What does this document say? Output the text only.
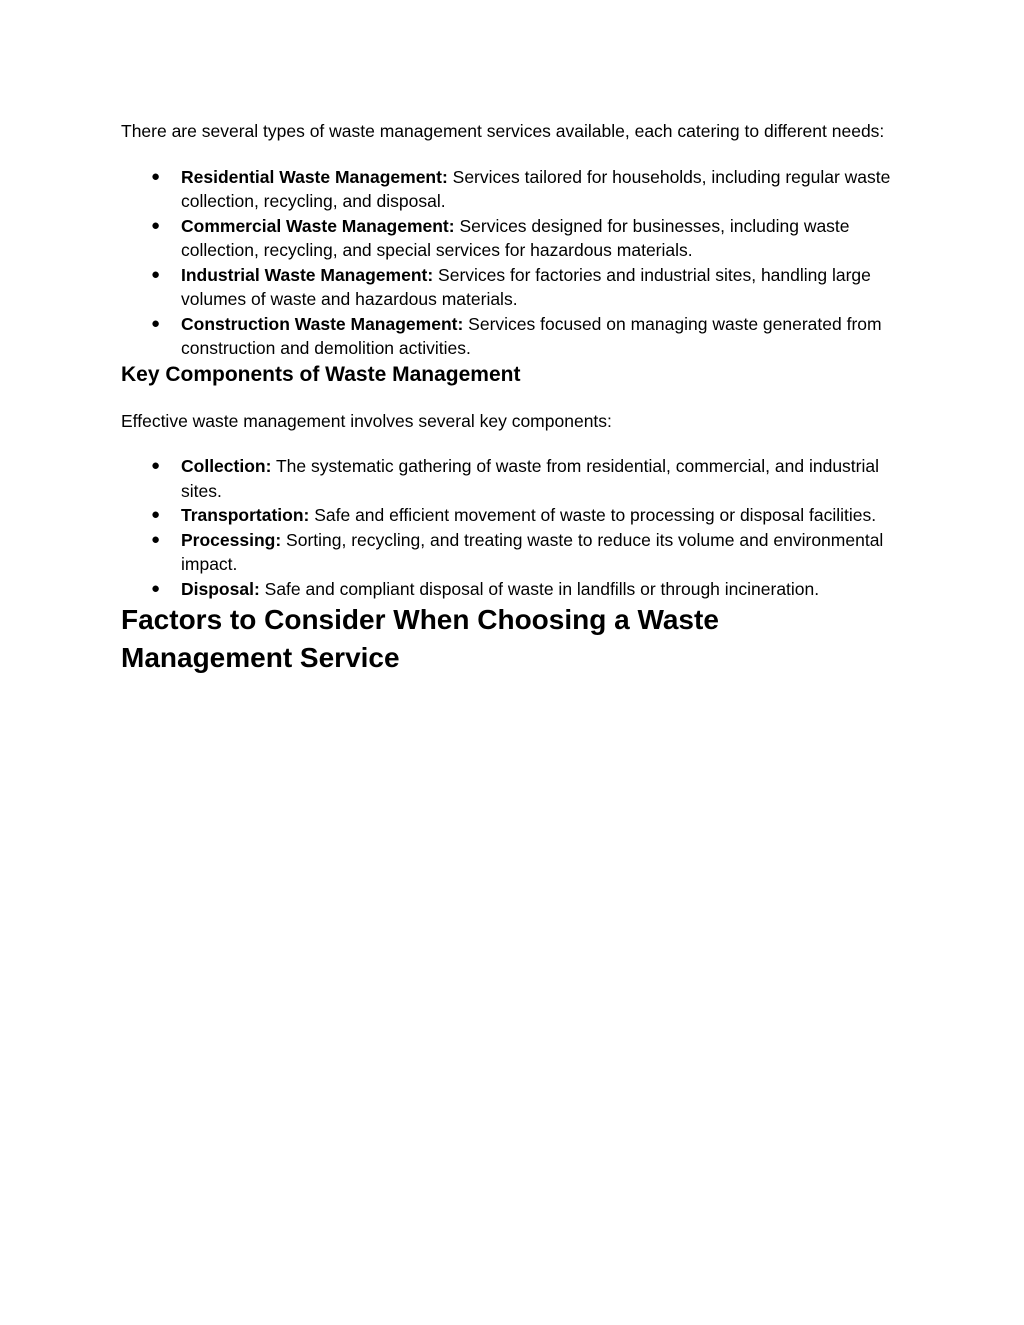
There are several types of waste management services available, each catering to different needs:

● Residential Waste Management: Services tailored for households, including regular waste collection, recycling, and disposal.
● Commercial Waste Management: Services designed for businesses, including waste collection, recycling, and special services for hazardous materials.
● Industrial Waste Management: Services for factories and industrial sites, handling large volumes of waste and hazardous materials.
● Construction Waste Management: Services focused on managing waste generated from construction and demolition activities.
Key Components of Waste Management

Effective waste management involves several key components:

● Collection: The systematic gathering of waste from residential, commercial, and industrial sites.
● Transportation: Safe and efficient movement of waste to processing or disposal facilities.
● Processing: Sorting, recycling, and treating waste to reduce its volume and environmental impact.
● Disposal: Safe and compliant disposal of waste in landfills or through incineration.
Factors to Consider When Choosing a Waste Management Service
